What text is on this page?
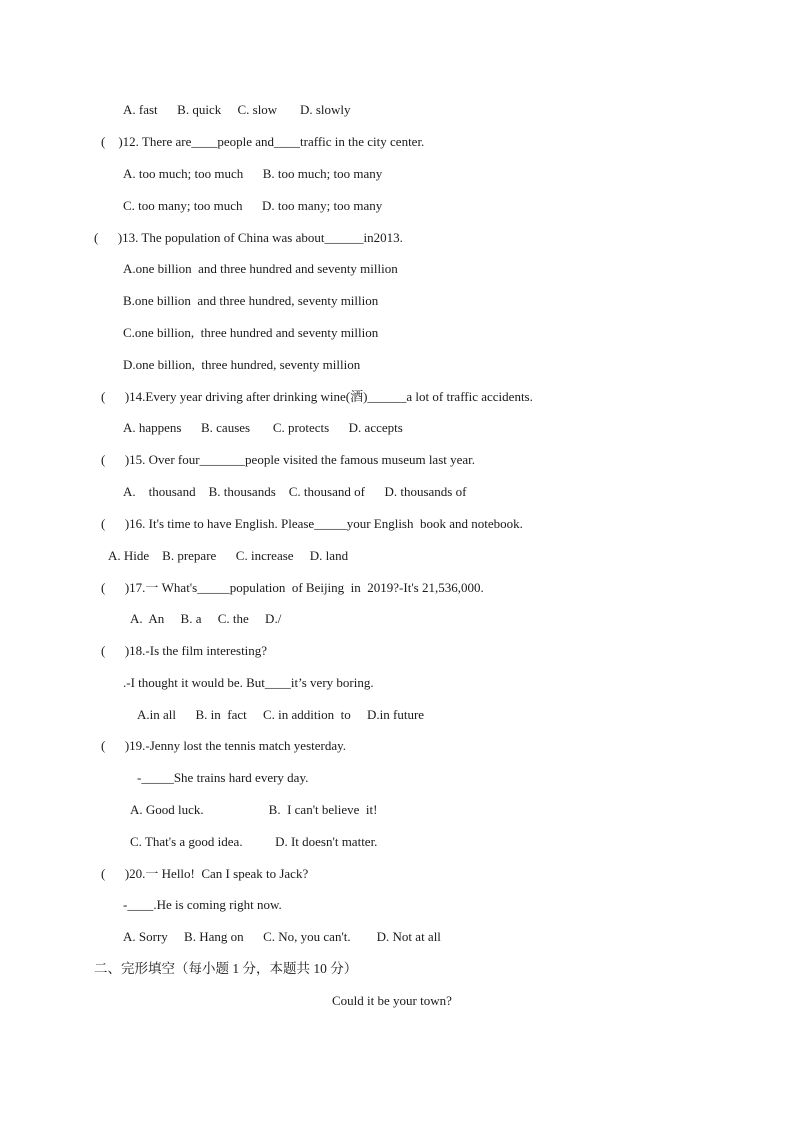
A. fast      B. quick     C. slow       D. slowly
(    )12. There are____people and____traffic in the city center.
A. too much; too much      B. too much; too many
C. too many; too much      D. too many; too many
(      )13. The population of China was about______in2013.
A.one billion  and three hundred and seventy million
B.one billion  and three hundred, seventy million
C.one billion,  three hundred and seventy million
D.one billion,  three hundred, seventy million
(      )14.Every year driving after drinking wine(酒)______a lot of traffic accidents.
A. happens      B. causes       C. protects      D. accepts
(      )15. Over four_______people visited the famous museum last year.
A.    thousand    B. thousands    C. thousand of      D. thousands of
(      )16. It's time to have English. Please_____your English  book and notebook.
A. Hide    B. prepare      C. increase     D. land
(      )17.一 What's_____population  of Beijing  in  2019?-It's 21,536,000.
A.  An     B. a     C. the     D./
(      )18.-Is the film interesting?
.-I thought it would be. But____it’s very boring.
A.in all      B. in  fact     C. in addition  to     D.in future
(      )19.-Jenny lost the tennis match yesterday.
-_____She trains hard every day.
A. Good luck.                    B.  I can't believe  it!
C. That's a good idea.          D. It doesn't matter.
(      )20.一 Hello!  Can I speak to Jack?
-____.He is coming right now.
A. Sorry     B. Hang on      C. No, you can't.        D. Not at all
二、完形填空（每小题 1 分，本题共 10 分）
Could it be your town?
